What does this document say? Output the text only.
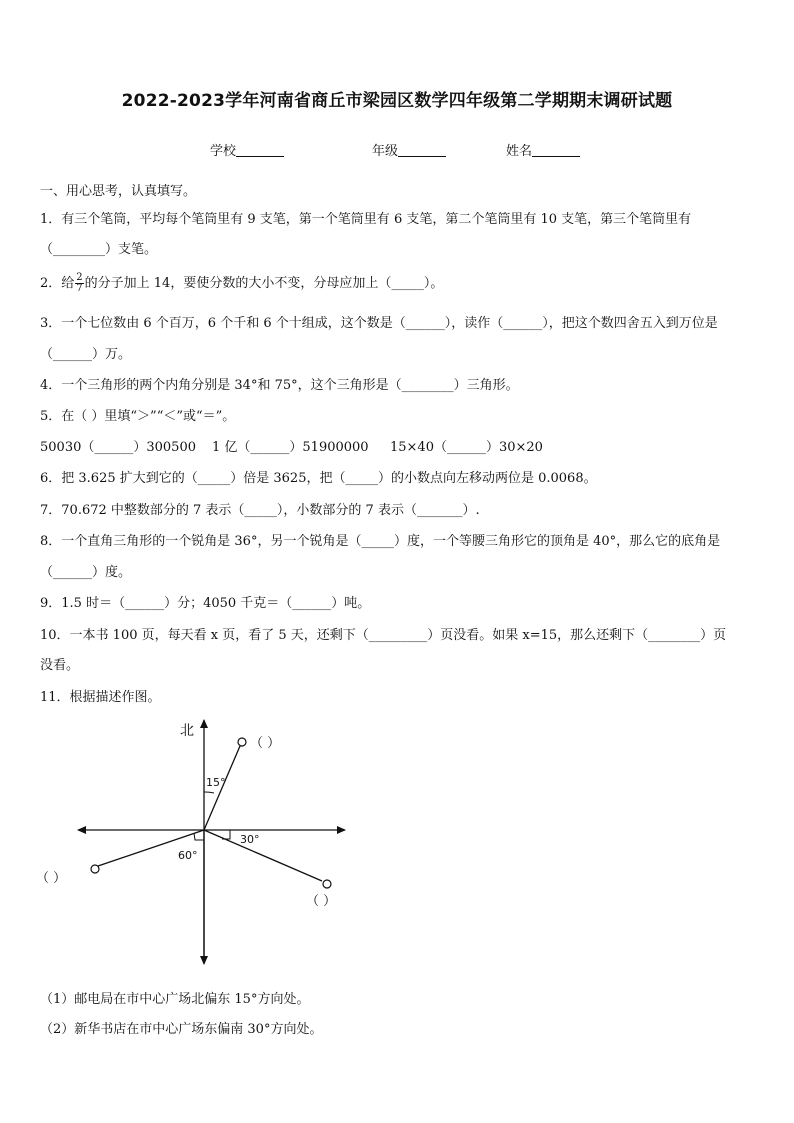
2022-2023学年河南省商丘市梁园区数学四年级第二学期期末调研试题
学校	年级	姓名
一、用心思考，认真填写。
1．有三个笔筒，平均每个笔筒里有 9 支笔，第一个笔筒里有 6 支笔，第二个笔筒里有 10 支笔，第三个笔筒里有
（________）支笔。
2．给 $\frac{2}{7}$ 的分子加上 14，要使分数的大小不变，分母应加上（_____）。
3．一个七位数由 6 个百万，6 个千和 6 个十组成，这个数是（______），读作（______），把这个数四舍五入到万位是
（______）万。
4．一个三角形的两个内角分别是 34°和 75°，这个三角形是（________）三角形。
5．在（ ）里填“＞”“＜”或“＝”。
50030（______）300500 1 亿（______）51900000 15×40（______）30×20
6．把 3.625 扩大到它的（_____）倍是 3625，把（_____）的小数点向左移动两位是 0.0068。
7．70.672 中整数部分的 7 表示（_____），小数部分的 7 表示（_______）.
8．一个直角三角形的一个锐角是 36°，另一个锐角是（_____）度，一个等腰三角形它的顶角是 40°，那么它的底角是
（______）度。
9．1.5 时＝（______）分；4050 千克＝（______）吨。
10．一本书 100 页，每天看 x 页，看了 5 天，还剩下（_________）页没看。如果 x=15，那么还剩下（________）页
没看。
11．根据描述作图。
北
（ ）
15°
（ ）
30°
（ ）
60°
（1）邮电局在市中心广场北偏东 15°方向处。
（2）新华书店在市中心广场东偏南 30°方向处。
